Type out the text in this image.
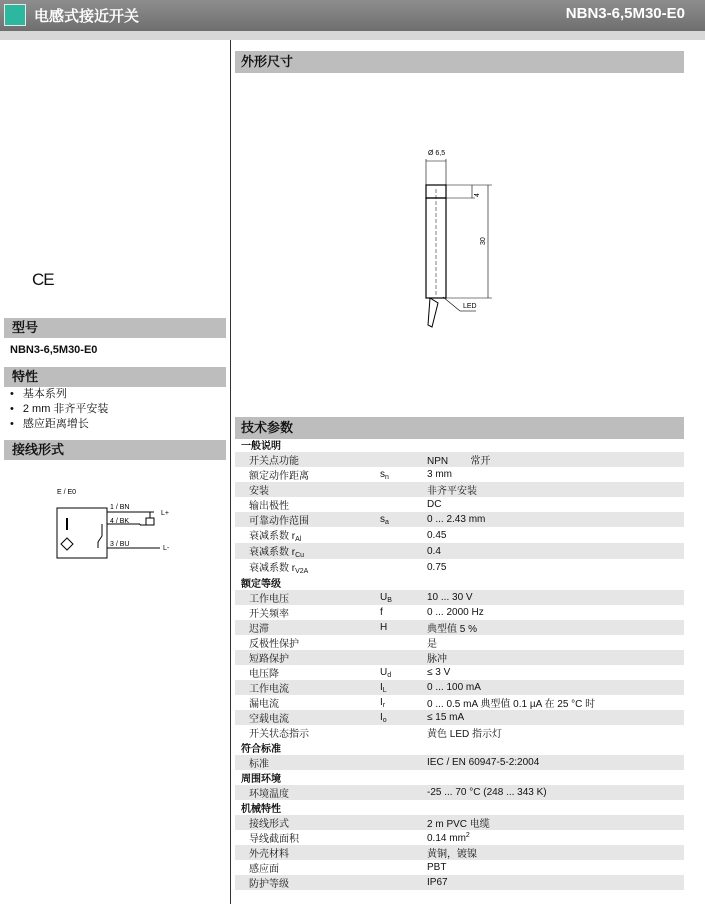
电感式接近开关	NBN3-6,5M30-E0
CE
型号
NBN3-6,5M30-E0
特性
• 基本系列
• 2 mm 非齐平安装
• 感应距离增长
接线形式
E / E0
1 / BN
4 / BK
3 / BU
L+
L-
外形尺寸
Ø 6,5
4
30
LED
技术参数
一般说明		
开关点功能		NPN        常开
额定动作距离	$s_n$	3 mm
安装		非齐平安装
输出极性		DC
可靠动作范围	$s_a$	0 ... 2.43 mm
衰减系数 $r_{Al}$		0.45
衰减系数 $r_{Cu}$		0.4
衰减系数 $r_{V2A}$		0.75
额定等级		
工作电压	$U_B$	10 ... 30 V
开关频率	f	0 ... 2000 Hz
迟滞	H	典型值 5 %
反极性保护		是
短路保护		脉冲
电压降	$U_d$	≤ 3 V
工作电流	$I_L$	0 ... 100 mA
漏电流	$I_r$	0 ... 0.5 mA 典型值 0.1 µA 在 25 °C 时
空载电流	$I_o$	≤ 15 mA
开关状态指示		黄色 LED 指示灯
符合标准		
标准		IEC / EN 60947-5-2:2004
周围环境		
环境温度		-25 ... 70 °C (248 ... 343 K)
机械特性		
接线形式		2 m PVC 电缆
导线截面积		0.14 $mm^2$
外壳材料		黄铜，镀镍
感应面		PBT
防护等级		IP67
